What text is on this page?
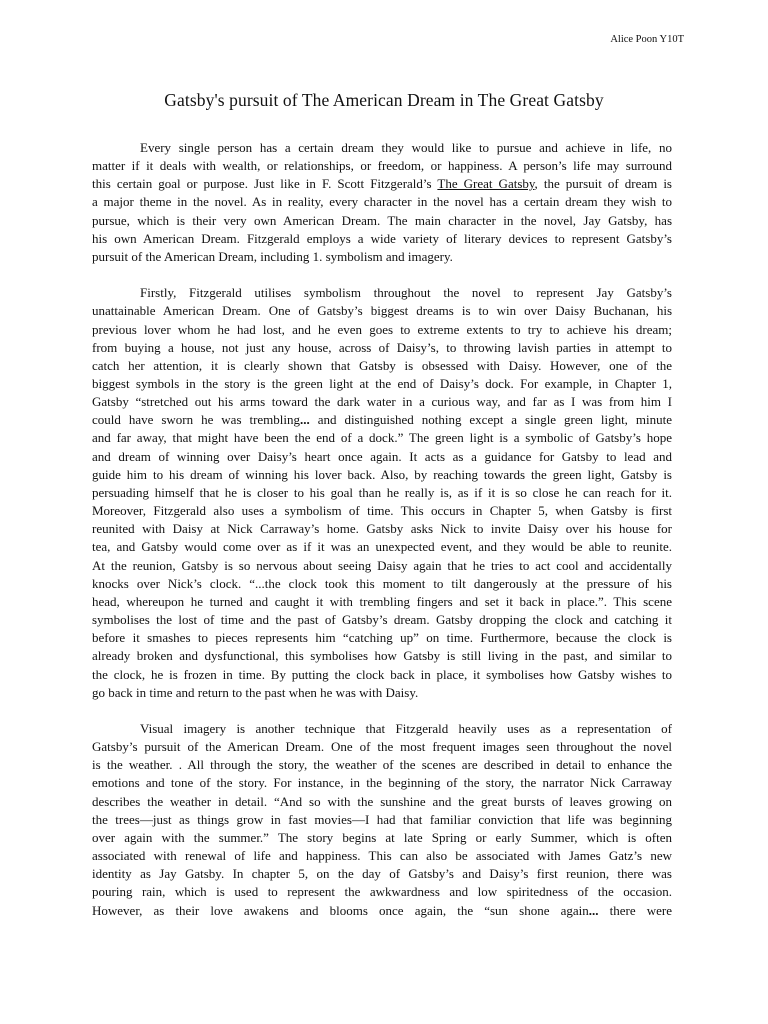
Alice Poon Y10T
Gatsby's pursuit of The American Dream in The Great Gatsby
Every single person has a certain dream they would like to pursue and achieve in life, no
matter if it deals with wealth, or relationships, or freedom, or happiness. A person’s life may surround
this certain goal or purpose. Just like in F. Scott Fitzgerald’s The Great Gatsby, the pursuit of dream is
a major theme in the novel. As in reality, every character in the novel has a certain dream they wish to
pursue, which is their very own American Dream. The main character in the novel, Jay Gatsby, has
his own American Dream. Fitzgerald employs a wide variety of literary devices to represent Gatsby’s
pursuit of the American Dream, including 1. symbolism and imagery.
Firstly, Fitzgerald utilises symbolism throughout the novel to represent Jay Gatsby’s
unattainable American Dream. One of Gatsby’s biggest dreams is to win over Daisy Buchanan, his
previous lover whom he had lost, and he even goes to extreme extents to try to achieve his dream;
from buying a house, not just any house, across of Daisy’s, to throwing lavish parties in attempt to
catch her attention, it is clearly shown that Gatsby is obsessed with Daisy. However, one of the
biggest symbols in the story is the green light at the end of Daisy’s dock. For example, in Chapter 1,
Gatsby “stretched out his arms toward the dark water in a curious way, and far as I was from him I
could have sworn he was trembling... and distinguished nothing except a single green light, minute
and far away, that might have been the end of a dock.” The green light is a symbolic of Gatsby’s hope
and dream of winning over Daisy’s heart once again. It acts as a guidance for Gatsby to lead and
guide him to his dream of winning his lover back. Also, by reaching towards the green light, Gatsby is
persuading himself that he is closer to his goal than he really is, as if it is so close he can reach for it.
Moreover, Fitzgerald also uses a symbolism of time. This occurs in Chapter 5, when Gatsby is first
reunited with Daisy at Nick Carraway’s home. Gatsby asks Nick to invite Daisy over his house for
tea, and Gatsby would come over as if it was an unexpected event, and they would be able to reunite.
At the reunion, Gatsby is so nervous about seeing Daisy again that he tries to act cool and accidentally
knocks over Nick’s clock. “...the clock took this moment to tilt dangerously at the pressure of his
head, whereupon he turned and caught it with trembling fingers and set it back in place.”. This scene
symbolises the lost of time and the past of Gatsby’s dream. Gatsby dropping the clock and catching it
before it smashes to pieces represents him “catching up” on time. Furthermore, because the clock is
already broken and dysfunctional, this symbolises how Gatsby is still living in the past, and similar to
the clock, he is frozen in time. By putting the clock back in place, it symbolises how Gatsby wishes to
go back in time and return to the past when he was with Daisy.
Visual imagery is another technique that Fitzgerald heavily uses as a representation of
Gatsby’s pursuit of the American Dream. One of the most frequent images seen throughout the novel
is the weather. . All through the story, the weather of the scenes are described in detail to enhance the
emotions and tone of the story. For instance, in the beginning of the story, the narrator Nick Carraway
describes the weather in detail. “And so with the sunshine and the great bursts of leaves growing on
the trees—just as things grow in fast movies—I had that familiar conviction that life was beginning
over again with the summer.” The story begins at late Spring or early Summer, which is often
associated with renewal of life and happiness. This can also be associated with James Gatz’s new
identity as Jay Gatsby. In chapter 5, on the day of Gatsby’s and Daisy’s first reunion, there was
pouring rain, which is used to represent the awkwardness and low spiritedness of the occasion.
However, as their love awakens and blooms once again, the “sun shone again... there were
